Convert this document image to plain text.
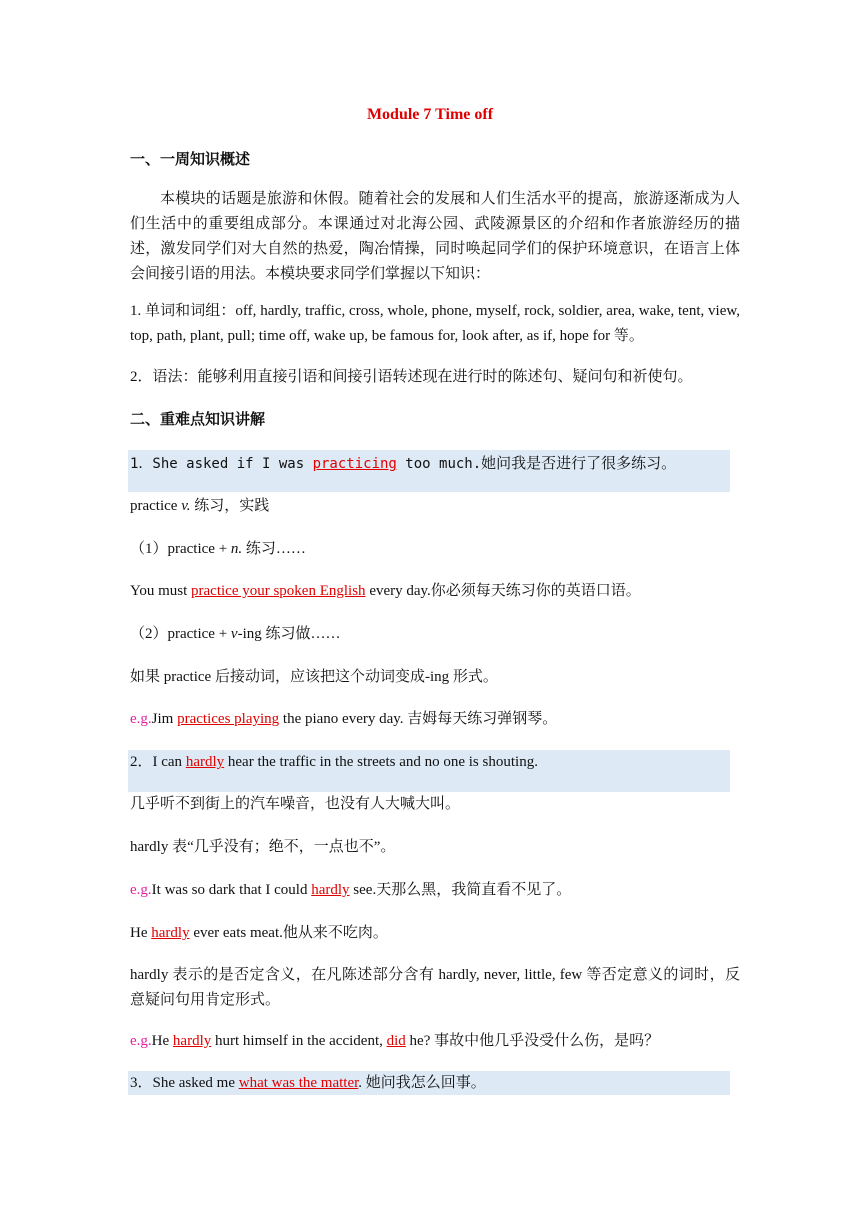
Module 7 Time off
一、一周知识概述
本模块的话题是旅游和休假。随着社会的发展和人们生活水平的提高，旅游逐渐成为人们生活中的重要组成部分。本课通过对北海公园、武陵源景区的介绍和作者旅游经历的描述，激发同学们对大自然的热爱，陶冶情操，同时唤起同学们的保护环境意识，在语言上体会间接引语的用法。本模块要求同学们掌握以下知识：
1. 单词和词组：off, hardly, traffic, cross, whole, phone, myself, rock, soldier, area, wake, tent, view, top, path, plant, pull; time off, wake up, be famous for, look after, as if, hope for 等。
2．语法：能够利用直接引语和间接引语转述现在进行时的陈述句、疑问句和祈使句。
二、重难点知识讲解
1．She asked if I was practicing too much.她问我是否进行了很多练习。
practice v. 练习，实践
（1）practice + n. 练习……
You must practice your spoken English every day.你必须每天练习你的英语口语。
（2）practice + v-ing 练习做……
如果 practice 后接动词，应该把这个动词变成-ing 形式。
e.g.Jim practices playing the piano every day. 吉姆每天练习弹钢琴。
2．I can hardly hear the traffic in the streets and no one is shouting.
几乎听不到街上的汽车噪音，也没有人大喊大叫。
hardly 表“几乎没有；绝不，一点也不”。
e.g.It was so dark that I could hardly see.天那么黑，我简直看不见了。
He hardly ever eats meat.他从来不吃肉。
hardly 表示的是否定含义，在凡陈述部分含有 hardly, never, little, few 等否定意义的词时，反意疑问句用肯定形式。
e.g.He hardly hurt himself in the accident, did he? 事故中他几乎没受什么伤，是吗？
3．She asked me what was the matter. 她问我怎么回事。
